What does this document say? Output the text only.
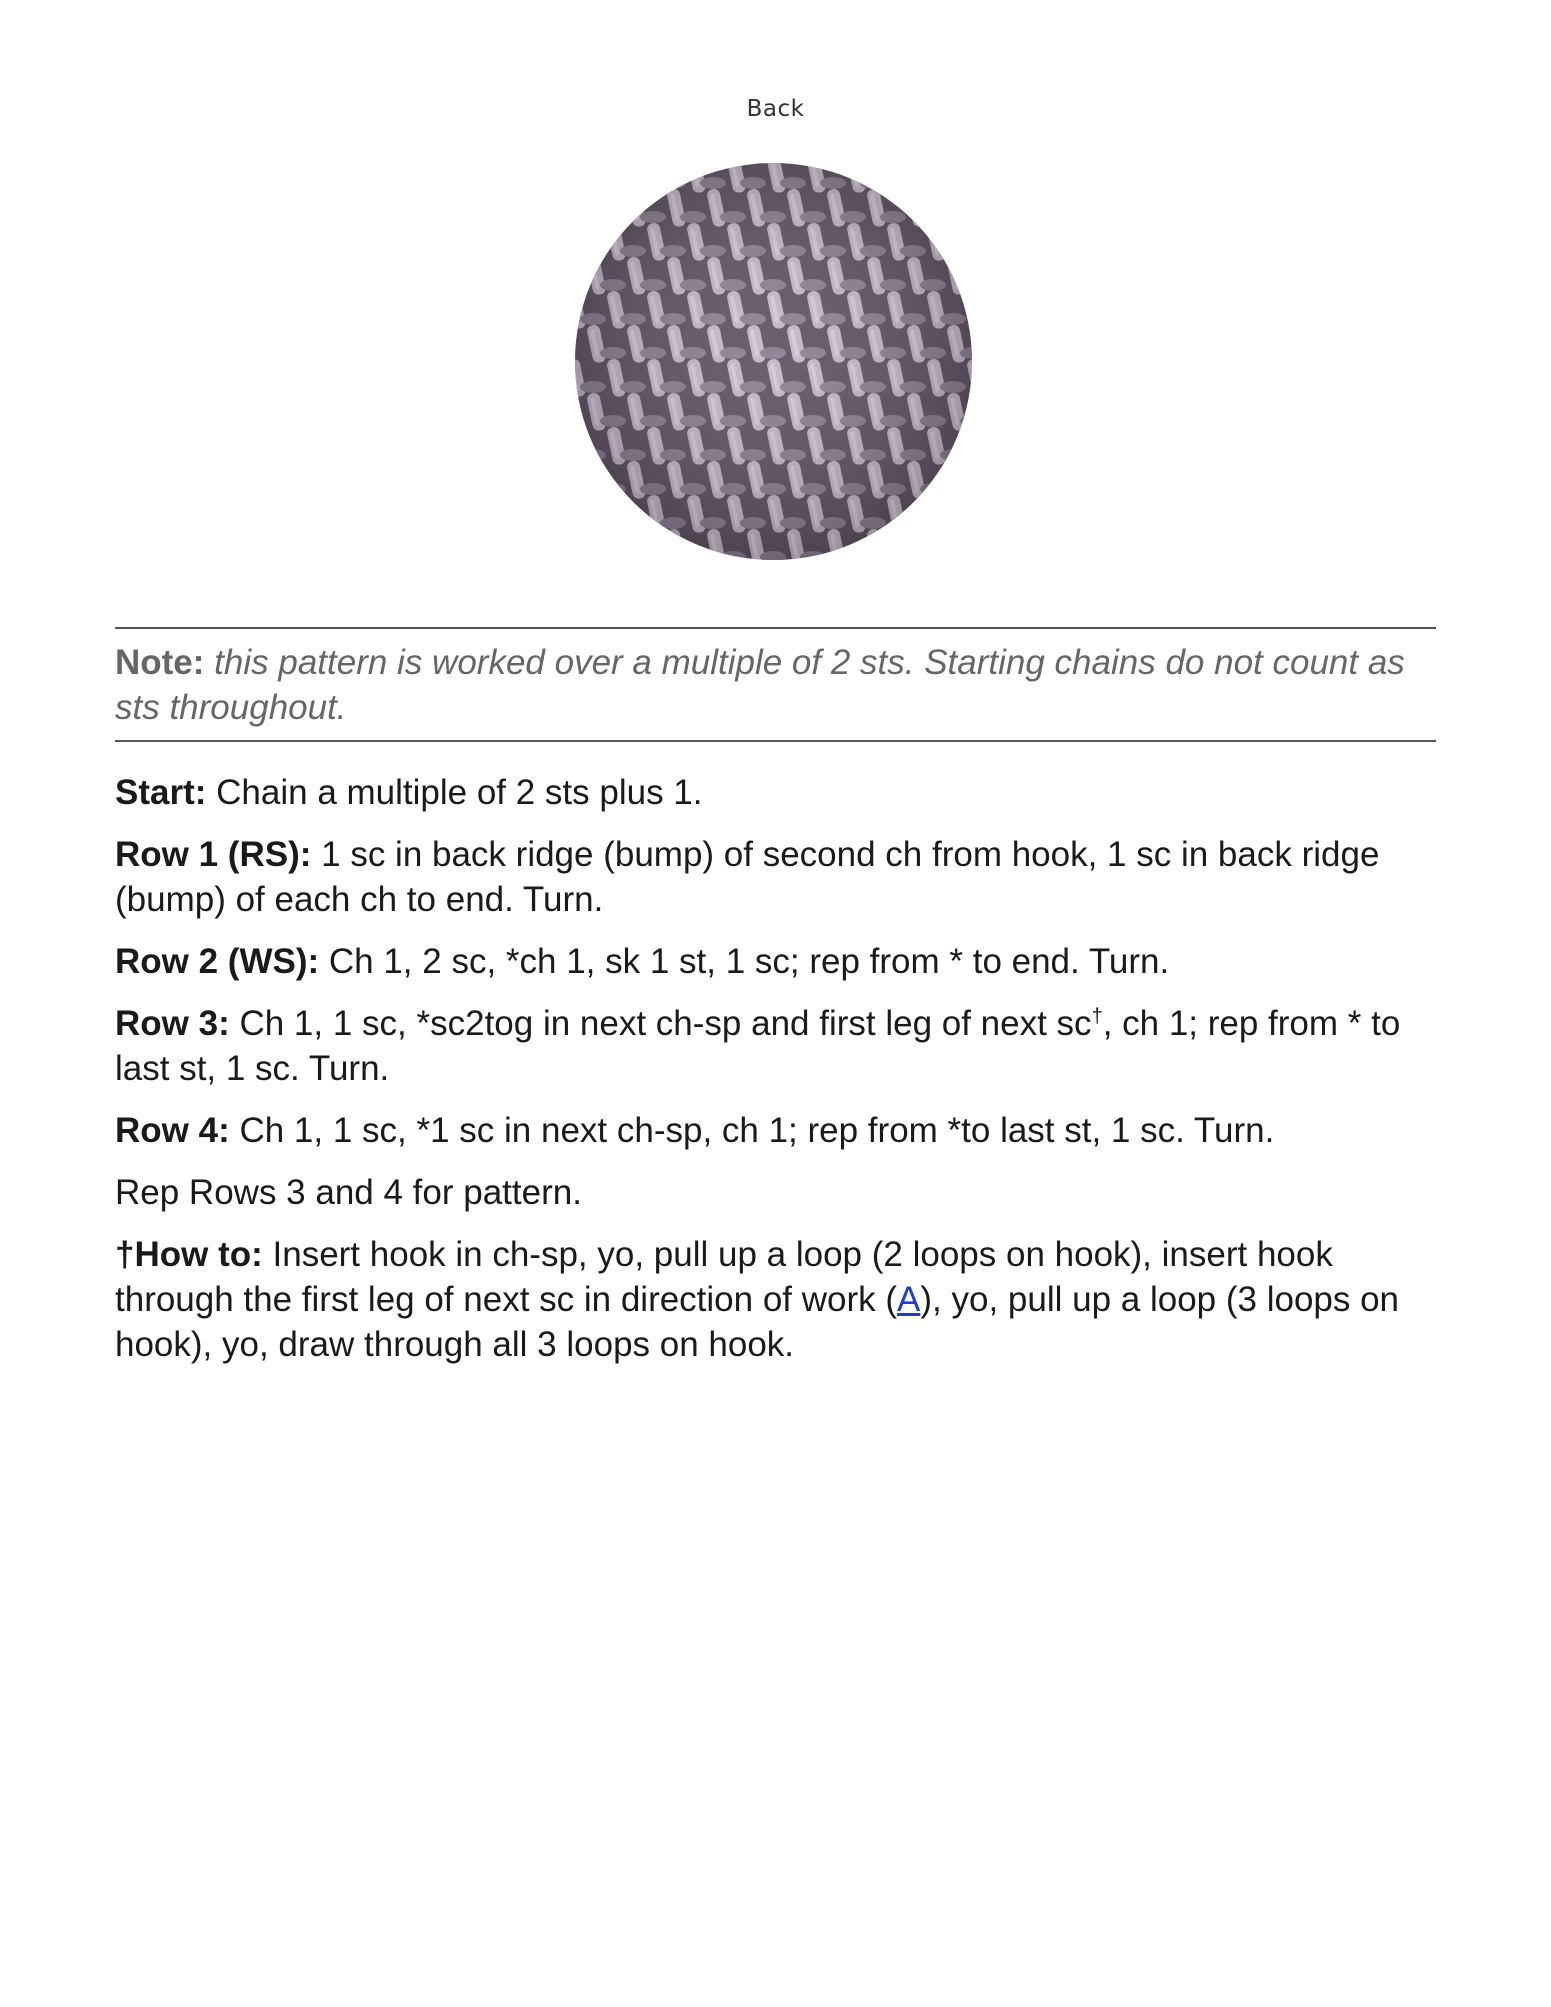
Back
Note: this pattern is worked over a multiple of 2 sts. Starting chains do not count as sts throughout.

Start: Chain a multiple of 2 sts plus 1.

Row 1 (RS): 1 sc in back ridge (bump) of second ch from hook, 1 sc in back ridge (bump) of each ch to end. Turn.

Row 2 (WS): Ch 1, 2 sc, *ch 1, sk 1 st, 1 sc; rep from * to end. Turn.

Row 3: Ch 1, 1 sc, *sc2tog in next ch-sp and first leg of next sc†, ch 1; rep from * to last st, 1 sc. Turn.

Row 4: Ch 1, 1 sc, *1 sc in next ch-sp, ch 1; rep from *to last st, 1 sc. Turn.

Rep Rows 3 and 4 for pattern.

†How to: Insert hook in ch-sp, yo, pull up a loop (2 loops on hook), insert hook through the first leg of next sc in direction of work (A), yo, pull up a loop (3 loops on hook), yo, draw through all 3 loops on hook.
